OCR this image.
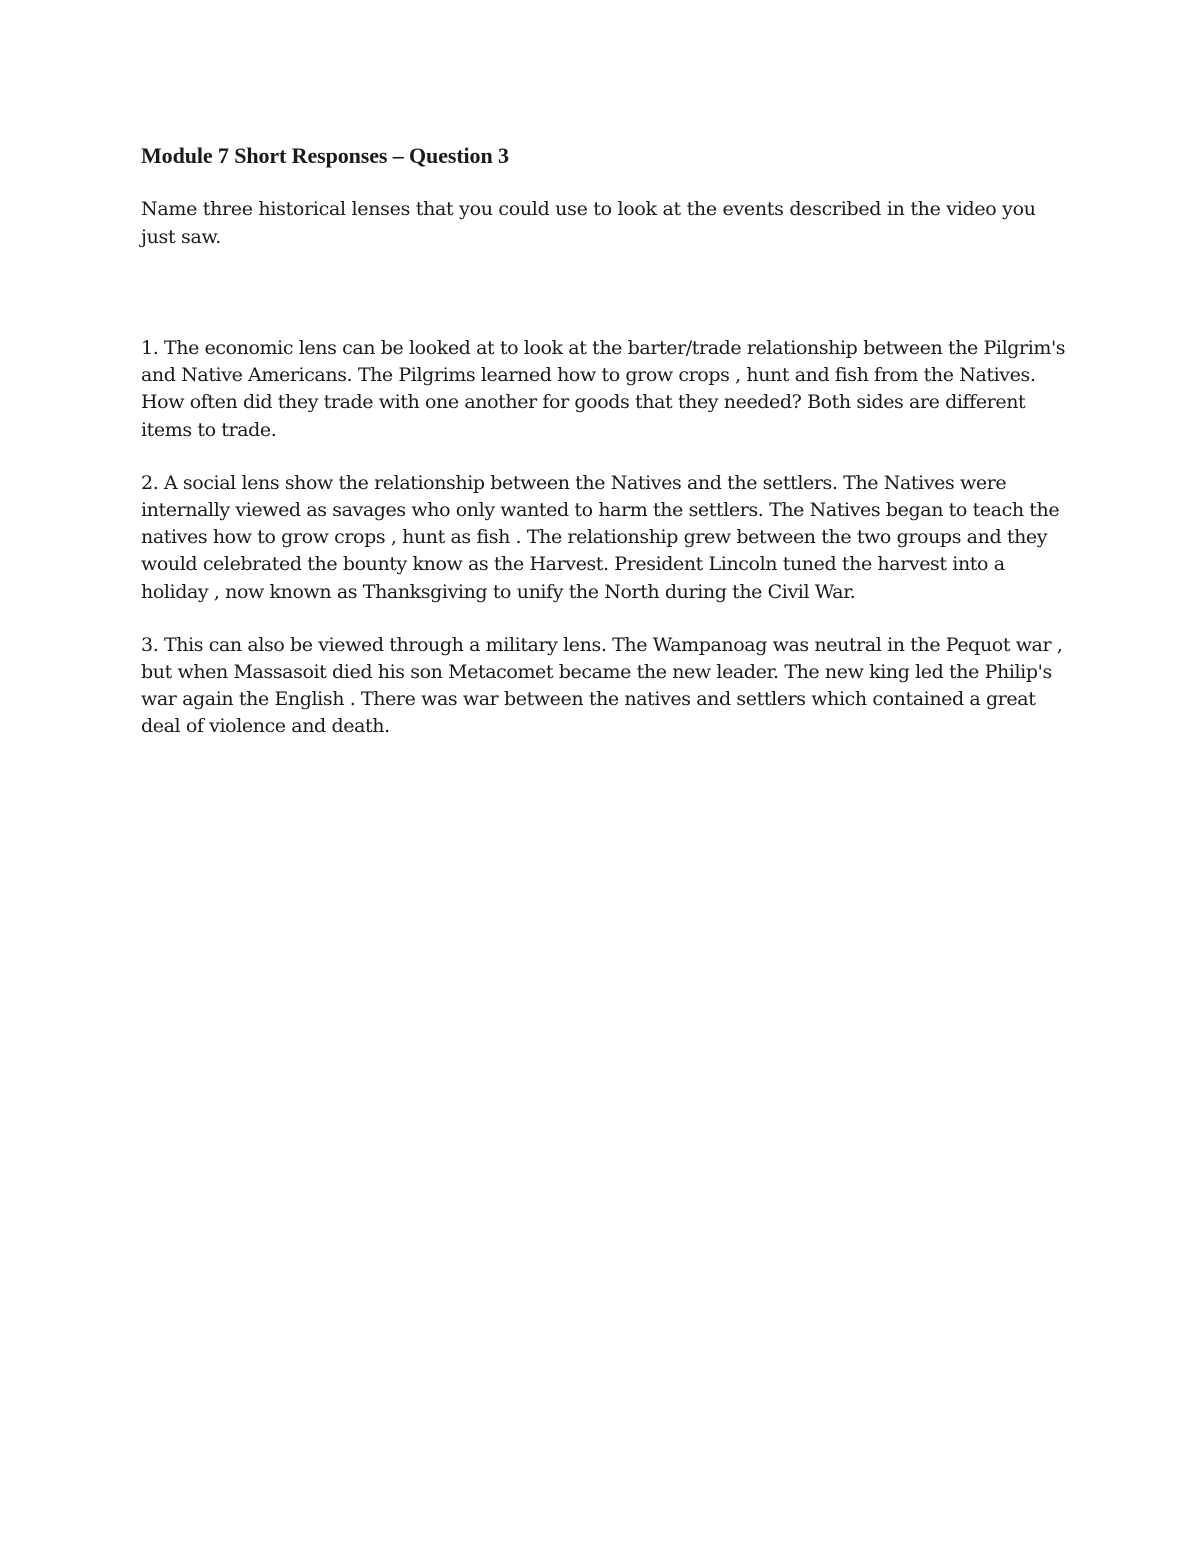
Module 7 Short Responses – Question 3

Name three historical lenses that you could use to look at the events described in the video you just saw.

1. The economic lens can be looked at to look at the barter/trade relationship between the Pilgrim's and Native Americans. The Pilgrims learned how to grow crops , hunt and fish from the Natives. How often did they trade with one another for goods that they needed? Both sides are different items to trade.

2. A social lens show the relationship between the Natives and the settlers. The Natives were internally viewed as savages who only wanted to harm the settlers. The Natives began to teach the natives how to grow crops , hunt as fish . The relationship grew between the two groups and they would celebrated the bounty know as the Harvest. President Lincoln tuned the harvest into a holiday , now known as Thanksgiving to unify the North during the Civil War.

3. This can also be viewed through a military lens. The Wampanoag was neutral in the Pequot war , but when Massasoit died his son Metacomet became the new leader. The new king led the Philip's war again the English . There was war between the natives and settlers which contained a great deal of violence and death.
